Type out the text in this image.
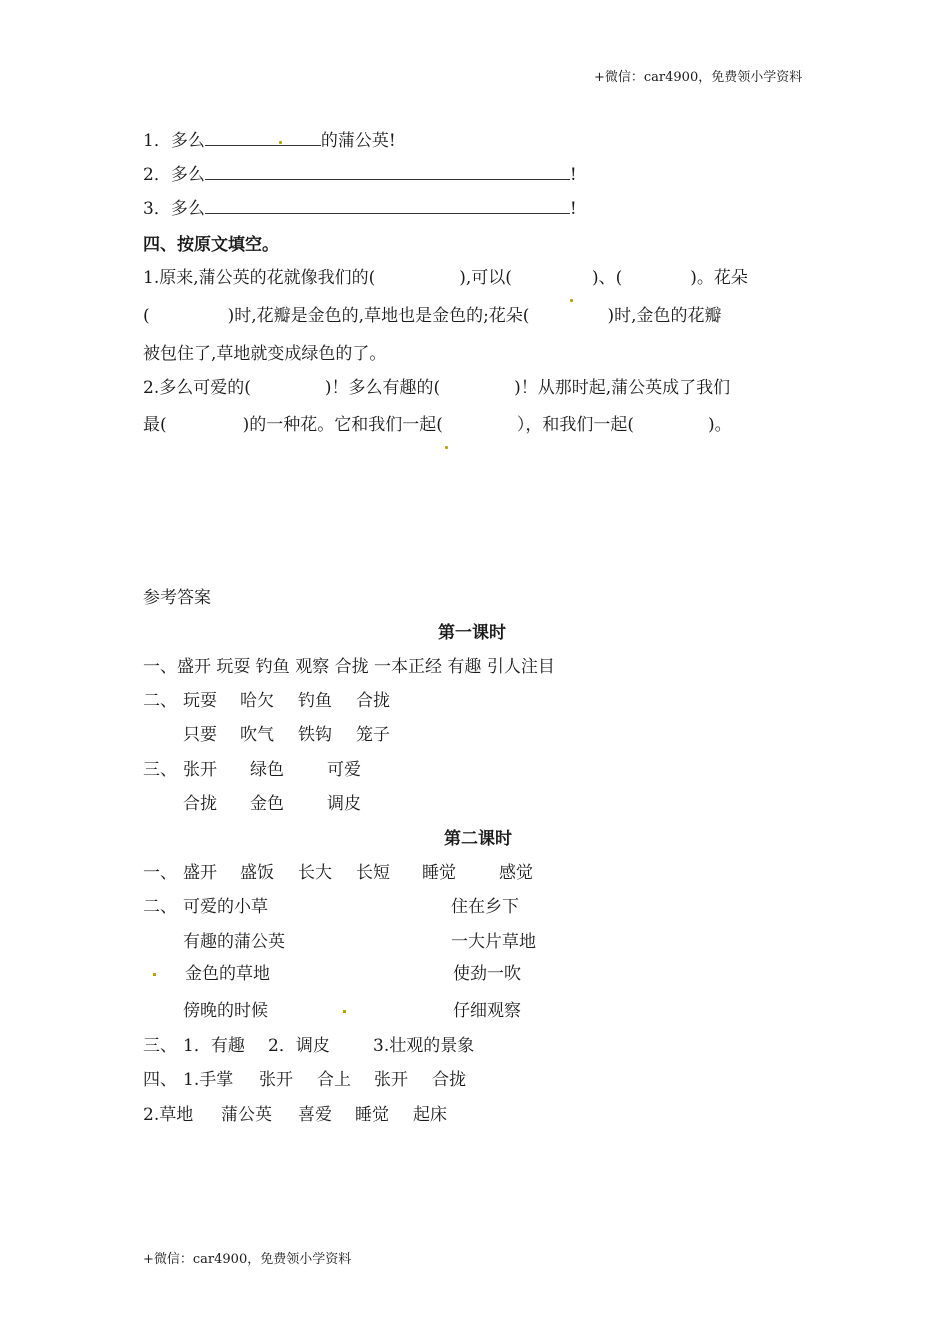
+微信：car4900，免费领小学资料
+微信：car4900，免费领小学资料
1．多么	的蒲公英!
2．多么	!
3．多么	!
四、按原文填空。
1.原来,蒲公英的花就像我们的(	),可以(	)、(	)。花朵
(	)时,花瓣是金色的,草地也是金色的;花朵(	)时,金色的花瓣
被包住了,草地就变成绿色的了。
2.多么可爱的(	)！多么有趣的(	)！从那时起,蒲公英成了我们
最(	)的一种花。它和我们一起(	），和我们一起(	)。
参考答案
第一课时
一、盛开 玩耍 钓鱼 观察 合拢 一本正经 有趣 引人注目
二、 玩耍 哈欠 钓鱼 合拢
只要 吹气 铁钩 笼子
三、 张开 绿色	可爱
合拢 金色	调皮
第二课时
一、 盛开 盛饭 长大 长短 睡觉	感觉
二、 可爱的小草	住在乡下
有趣的蒲公英	一大片草地
金色的草地	使劲一吹
傍晚的时候	仔细观察
三、 1．有趣 2．调皮	3.壮观的景象
四、 1.手掌 张开 合上 张开 合拢
2.草地 蒲公英 喜爱 睡觉 起床
